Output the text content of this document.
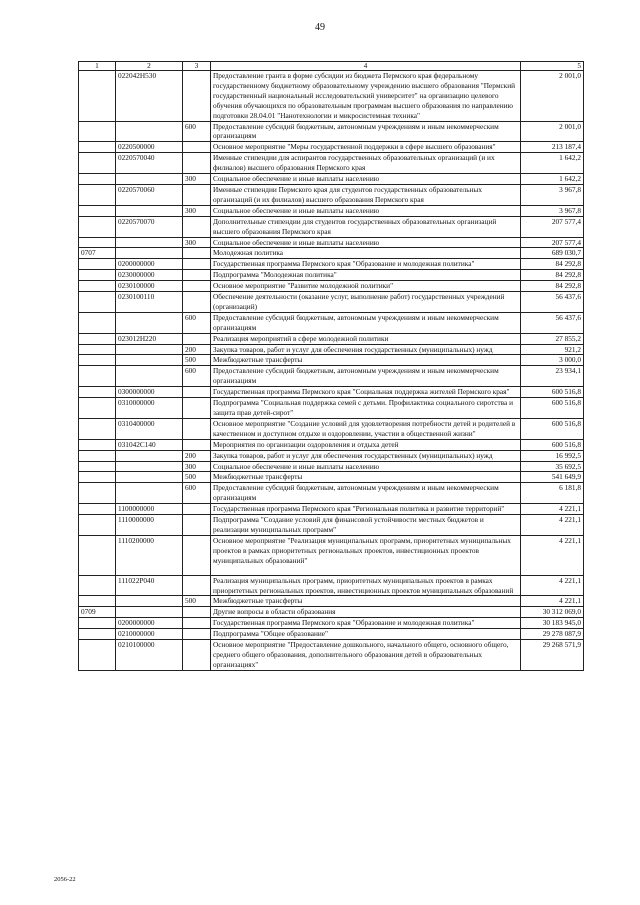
49
1	2	3	4	5
	022042Н530		Предоставление гранта в форме субсидии из бюджета Пермского края федеральному государственному бюджетному образовательному учреждению высшего образования "Пермский государственный национальный исследовательский университет" на организацию целевого обучения обучающихся по образовательным программам высшего образования по направлению подготовки 28.04.01 "Нанотехнологии и микросистемная техника"	2 001,0
		600	Предоставление субсидий бюджетным, автономным учреждениям и иным некоммерческим организациям	2 001,0
	0220500000		Основное мероприятие "Меры государственной поддержки в сфере высшего образования"	213 187,4
	0220570040		Именные стипендии для аспирантов государственных образовательных организаций (и их филиалов) высшего образования Пермского края	1 642,2
		300	Социальное обеспечение и иные выплаты населению	1 642,2
	0220570060		Именные стипендии Пермского края для студентов государственных образовательных организаций (и их филиалов) высшего образования Пермского края	3 967,8
		300	Социальное обеспечение и иные выплаты населению	3 967,8
	0220570070		Дополнительные стипендии для студентов государственных образовательных организаций высшего образования Пермского края	207 577,4
		300	Социальное обеспечение и иные выплаты населению	207 577,4
0707			Молодежная политика	689 030,7
	0200000000		Государственная программа Пермского края "Образование и молодежная политика"	84 292,8
	0230000000		Подпрограмма "Молодежная политика"	84 292,8
	0230100000		Основное мероприятие "Развитие молодежной политики"	84 292,8
	0230100110		Обеспечение деятельности (оказание услуг, выполнение работ) государственных учреждений (организаций)	56 437,6
		600	Предоставление субсидий бюджетным, автономным учреждениям и иным некоммерческим организациям	56 437,6
	023012Н220		Реализация мероприятий в сфере молодежной политики	27 855,2
		200	Закупка товаров, работ и услуг для обеспечения государственных (муниципальных) нужд	921,2
		500	Межбюджетные трансферты	3 000,0
		600	Предоставление субсидий бюджетным, автономным учреждениям и иным некоммерческим организациям	23 934,1
	0300000000		Государственная программа Пермского края "Социальная поддержка жителей Пермского края"	600 516,8
	0310000000		Подпрограмма "Социальная поддержка семей с детьми. Профилактика социального сиротства и защита прав детей-сирот"	600 516,8
	0310400000		Основное мероприятие "Создание условий для удовлетворения потребности детей и родителей в качественном и доступном отдыхе и оздоровлении, участии в общественной жизни"	600 516,8
	031042С140		Мероприятия по организации оздоровления и отдыха детей	600 516,8
		200	Закупка товаров, работ и услуг для обеспечения государственных (муниципальных) нужд	16 992,5
		300	Социальное обеспечение и иные выплаты населению	35 692,5
		500	Межбюджетные трансферты	541 649,9
		600	Предоставление субсидий бюджетным, автономным учреждениям и иным некоммерческим организациям	6 181,8
	1100000000		Государственная программа Пермского края "Региональная политика и развитие территорий"	4 221,1
	1110000000		Подпрограмма "Создание условий для финансовой устойчивости местных бюджетов и реализации муниципальных программ"	4 221,1
	1110200000		Основное мероприятие "Реализация муниципальных программ, приоритетных муниципальных проектов в рамках приоритетных региональных проектов, инвестиционных проектов муниципальных образований"	4 221,1
	111022Р040		Реализация муниципальных программ, приоритетных муниципальных проектов в рамках приоритетных региональных проектов, инвестиционных проектов муниципальных образований	4 221,1
		500	Межбюджетные трансферты	4 221,1
0709			Другие вопросы в области образования	30 312 069,0
	0200000000		Государственная программа Пермского края "Образование и молодежная политика"	30 183 945,0
	0210000000		Подпрограмма "Общее образование"	29 278 087,9
	0210100000		Основное мероприятие "Предоставление дошкольного, начального общего, основного общего, среднего общего образования, дополнительного образования детей в образовательных организациях"	29 268 571,9
2056-22
